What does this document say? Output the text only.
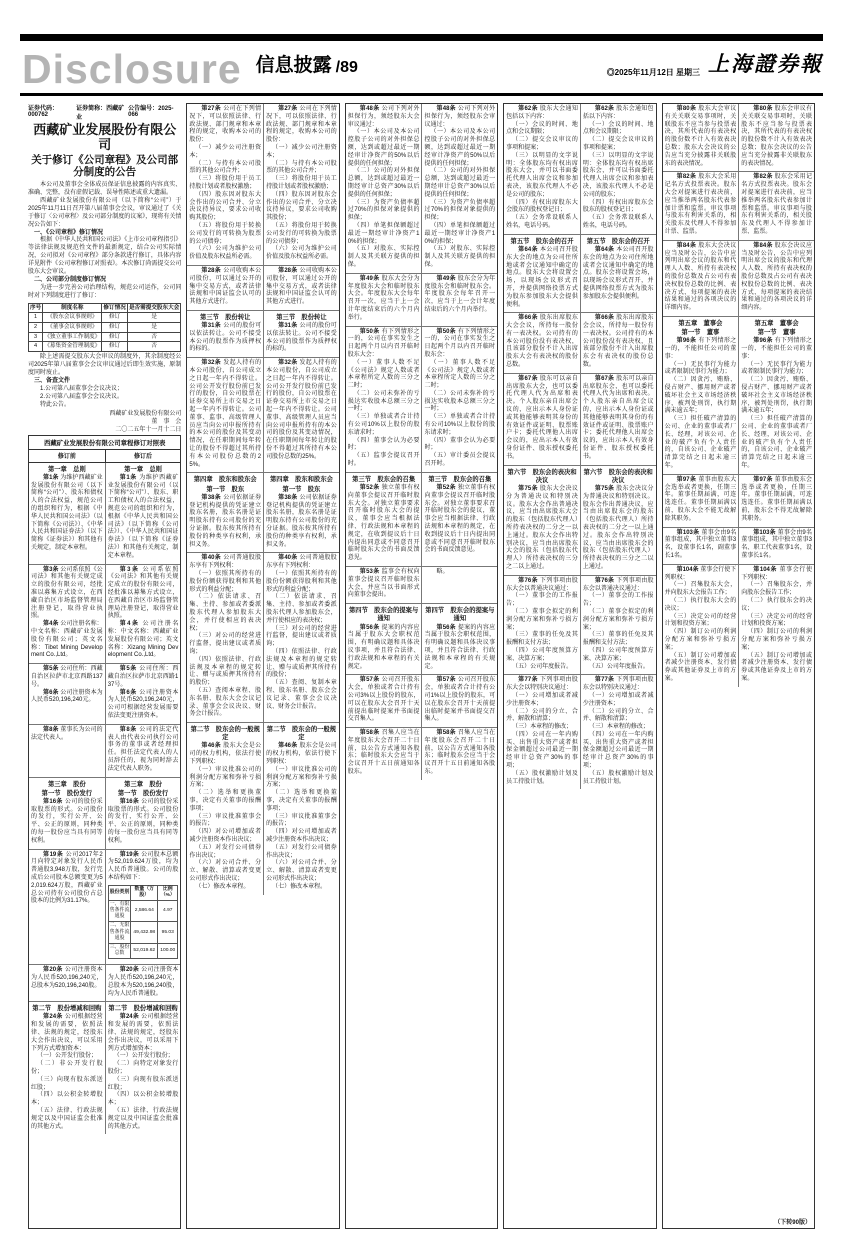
Disclosure 信息披露 /89	◎2025年11月12日 星期三 上海證券報
证券代码：000762
证券简称：西藏矿业
公告编号：2025-066
西藏矿业发展股份有限公司
关于修订《公司章程》及公司部分制度的公告

本公司及董事会全体成员保证信息披露的内容真实、准确、完整，没有虚假记载、误导性陈述或重大遗漏。

西藏矿业发展股份有限公司（以下简称“公司”）于2025年11月11日召开第八届董事会会议，审议通过了《关于修订〈公司章程〉及公司部分制度的议案》，现将有关情况公告如下：

一、《公司章程》修订情况

根据《中华人民共和国公司法》《上市公司章程指引》等法律法规及规范性文件的最新规定，结合公司实际情况，公司拟对《公司章程》部分条款进行修订，具体内容详见附件《公司章程修订对照表》。本次修订尚需提交公司股东大会审议。

二、公司部分制度修订情况

为进一步完善公司治理结构，规范公司运作，公司同时对下列制度进行了修订：

序号	制度名称	修订情况	是否需提交股东大会
1	《股东会议事规则》	修订	是
2	《董事会议事规则》	修订	是
3	《独立董事工作制度》	修订	否
4	《募集资金管理制度》	修订	否

除上述需提交股东大会审议的制度外，其余制度经公司2025年第八届董事会会议审议通过后即生效实施，原制度同时废止。

三、备查文件

1.公司第八届董事会会议决议；

2.公司第八届监事会会议决议。

特此公告。

西藏矿业发展股份有限公司
董　事　会
二〇二五年十一月十二日
西藏矿业发展股份有限公司章程修订对照表
修订前	修订后
第一章　总则

第1条 为维护西藏矿业发展股份有限公司（以下简称“公司”）、股东和债权人的合法权益，规范公司的组织和行为，根据《中华人民共和国公司法》（以下简称《公司法》）、《中华人民共和国证券法》（以下简称《证券法》）和其他有关规定，制定本章程。

第一章　总则

第1条 为维护西藏矿业发展股份有限公司（以下简称“公司”）、股东、职工和债权人的合法权益，规范公司的组织和行为，根据《中华人民共和国公司法》（以下简称《公司法》）、《中华人民共和国证券法》（以下简称《证券法》）和其他有关规定，制定本章程。

第3条 公司系依照《公司法》和其他有关规定成立的股份有限公司，经批准以募集方式设立，在西藏自治区市场监督管理局注册登记，取得营业执照。

第4条 公司注册名称：中文名称：西藏矿业发展股份有限公司；英文名称：Tibet Mining Development Co.,Ltd。

第3条 公司系依照《公司法》和其他有关规定成立的股份有限公司，经批准以募集方式设立，在西藏自治区市场监督管理局注册登记，取得营业执照。

第4条 公司注册名称：中文名称：西藏矿业发展股份有限公司；英文名称：Xizang Mining Development Co.,Ltd。

第5条 公司住所：西藏自治区拉萨市北京西路137号。

第6条 公司注册资本为人民币520,196,240元。

第5条 公司住所：西藏自治区拉萨市北京西路137号。

第6条 公司注册资本为人民币520,196,240元，公司可根据经营发展需要依法变更注册资本。

第8条 董事长为公司的法定代表人。

第8条 公司的法定代表人由代表公司执行公司事务的董事或者经理担任。担任法定代表人的人员辞任的，视为同时辞去法定代表人职务。

第三章　股份
第一节　股份发行

第16条 公司的股份采取股票的形式。公司股份的发行，实行公开、公平、公正的原则，同种类的每一股份应当具有同等权利。

第三章　股份
第一节　股份发行

第16条 公司的股份采取股票的形式。公司股份的发行，实行公开、公平、公正的原则，同种类的每一股份应当具有同等权利。

第19条 公司2017年2月向特定对象发行人民币普通股3,948万股，发行完成后公司股本总额变更为52,019.624万股，西藏矿业总公司持有公司股份占总股本的比例为31.17%。

第19条 公司股本总额为52,019.624万股，均为人民币普通股。公司的股本结构如下：

股份类别	数量（万股）	比例（%）
一、有限售条件流通股	2,586.64	4.97
二、无限售条件流通股	49,432.98	95.03
三、股份总数	52,019.62	100.00

第20条 公司注册资本为人民币520,196,240元，总股本为520,196,240股。

第20条 公司注册资本为人民币520,196,240元，总股本为520,196,240股，均为人民币普通股。

第二节　股份增减和回购

第24条 公司根据经营和发展的需要，依照法律、法规的规定，经股东大会作出决议，可以采用下列方式增加资本：

（一）公开发行股份；

（二）非公开发行股份；

（三）向现有股东派送红股；

（四）以公积金转增股本；

（五）法律、行政法规规定以及中国证监会批准的其他方式。

第二节　股份增减和回购

第24条 公司根据经营和发展的需要，依照法律、法规的规定，经股东会作出决议，可以采用下列方式增加资本：

（一）公开发行股份；

（二）向特定对象发行股份；

（三）向现有股东派送红股；

（四）以公积金转增股本；

（五）法律、行政法规规定以及中国证监会批准的其他方式。

第27条 公司在下列情况下，可以依照法律、行政法规、部门规章和本章程的规定，收购本公司的股份：

（一）减少公司注册资本；

（二）与持有本公司股票的其他公司合并；

（三）将股份用于员工持股计划或者股权激励；

（四）股东因对股东大会作出的公司合并、分立决议持异议，要求公司收购其股份；

（五）将股份用于转换公司发行的可转换为股票的公司债券；

（六）公司为维护公司价值及股东权益所必需。

第27条 公司在下列情况下，可以依照法律、行政法规、部门规章和本章程的规定，收购本公司的股份：

（一）减少公司注册资本；

（二）与持有本公司股票的其他公司合并；

（三）将股份用于员工持股计划或者股权激励；

（四）股东因对股东会作出的公司合并、分立决议持异议，要求公司收购其股份；

（五）将股份用于转换公司发行的可转换为股票的公司债券；

（六）公司为维护公司价值及股东权益所必需。

第28条 公司收购本公司股份，可以通过公开的集中交易方式，或者法律法规和中国证监会认可的其他方式进行。

第28条 公司收购本公司股份，可以通过公开的集中交易方式，或者法律法规和中国证监会认可的其他方式进行。

第三节　股份转让

第31条 公司的股份可以依法转让。公司不接受本公司的股票作为质押权的标的。

第三节　股份转让

第31条 公司的股份可以依法转让。公司不接受本公司的股票作为质押权的标的。

第32条 发起人持有的本公司股份，自公司成立之日起一年内不得转让。公司公开发行股份前已发行的股份，自公司股票在证券交易所上市交易之日起一年内不得转让。公司董事、监事、高级管理人员应当向公司申报所持有的本公司的股份及其变动情况，在任职期间每年转让的股份不得超过其所持有本公司股份总数的25%。

第32条 发起人持有的本公司股份，自公司成立之日起一年内不得转让。公司公开发行股份前已发行的股份，自公司股票在证券交易所上市交易之日起一年内不得转让。公司董事、高级管理人员应当向公司申报所持有的本公司的股份及其变动情况，在任职期间每年转让的股份不得超过其所持有本公司股份总数的25%。

第四章　股东和股东会
第一节　股东

第38条 公司依据证券登记机构提供的凭证建立股东名册，股东名册是证明股东持有公司股份的充分证据。股东按其所持有股份的种类享有权利，承担义务。

第四章　股东和股东会
第一节　股东

第38条 公司依据证券登记机构提供的凭证建立股东名册，股东名册是证明股东持有公司股份的充分证据。股东按其所持有股份的种类享有权利，承担义务。

第40条 公司普通股股东享有下列权利：

（一）依照其所持有的股份份额获得股利和其他形式的利益分配；

（二）依法请求、召集、主持、参加或者委派股东代理人参加股东大会，并行使相应的表决权；

（三）对公司的经营进行监督，提出建议或者质询；

（四）依照法律、行政法规及本章程的规定转让、赠与或质押其所持有的股份；

（五）查阅本章程、股东名册、股东大会会议记录、董事会会议决议、财务会计报告。

第40条 公司普通股股东享有下列权利：

（一）依照其所持有的股份份额获得股利和其他形式的利益分配；

（二）依法请求、召集、主持、参加或者委派股东代理人参加股东会，并行使相应的表决权；

（三）对公司的经营进行监督，提出建议或者质询；

（四）依照法律、行政法规及本章程的规定转让、赠与或质押其所持有的股份；

（五）查阅、复制本章程、股东名册、股东会会议记录、董事会会议决议、财务会计报告。

第二节　股东会的一般规定

第46条 股东大会是公司的权力机构，依法行使下列职权：

（一）审议批准公司的利润分配方案和弥补亏损方案；

（二）选举和更换董事，决定有关董事的报酬事项；

（三）审议批准董事会的报告；

（四）对公司增加或者减少注册资本作出决议；

（五）对发行公司债券作出决议；

（六）对公司合并、分立、解散、清算或者变更公司形式作出决议；

（七）修改本章程。

第二节　股东会的一般规定

第46条 股东会是公司的权力机构，依法行使下列职权：

（一）审议批准公司的利润分配方案和弥补亏损方案；

（二）选举和更换董事，决定有关董事的报酬事项；

（三）审议批准董事会的报告；

（四）对公司增加或者减少注册资本作出决议；

（五）对发行公司债券作出决议；

（六）对公司合并、分立、解散、清算或者变更公司形式作出决议；

（七）修改本章程。

第48条 公司下列对外担保行为，须经股东大会审议通过：

（一）本公司及本公司控股子公司的对外担保总额，达到或超过最近一期经审计净资产的50%以后提供的任何担保；

（二）公司的对外担保总额，达到或超过最近一期经审计总资产30%以后提供的任何担保；

（三）为资产负债率超过70%的担保对象提供的担保；

（四）单笔担保额超过最近一期经审计净资产10%的担保；

（五）对股东、实际控制人及其关联方提供的担保。

第48条 公司下列对外担保行为，须经股东会审议通过：

（一）本公司及本公司控股子公司的对外担保总额，达到或超过最近一期经审计净资产的50%以后提供的任何担保；

（二）公司的对外担保总额，达到或超过最近一期经审计总资产30%以后提供的任何担保；

（三）为资产负债率超过70%的担保对象提供的担保；

（四）单笔担保额超过最近一期经审计净资产10%的担保；

（五）对股东、实际控制人及其关联方提供的担保。

第49条 股东大会分为年度股东大会和临时股东大会。年度股东大会每年召开一次，应当于上一会计年度结束后的六个月内举行。

第49条 股东会分为年度股东会和临时股东会。年度股东会每年召开一次，应当于上一会计年度结束后的六个月内举行。

第50条 有下列情形之一的，公司在事实发生之日起两个月以内召开临时股东大会：

（一）董事人数不足《公司法》规定人数或者本章程所定人数的三分之二时；

（二）公司未弥补的亏损达实收股本总额三分之一时；

（三）单独或者合计持有公司10%以上股份的股东请求时；

（四）董事会认为必要时；

（五）监事会提议召开时。

第50条 有下列情形之一的，公司在事实发生之日起两个月以内召开临时股东会：

（一）董事人数不足《公司法》规定人数或者本章程所定人数的三分之二时；

（二）公司未弥补的亏损达实收股本总额三分之一时；

（三）单独或者合计持有公司10%以上股份的股东请求时；

（四）董事会认为必要时；

（五）审计委员会提议召开时。

第三节　股东会的召集

第52条 独立董事有权向董事会提议召开临时股东大会。对独立董事要求召开临时股东大会的提议，董事会应当根据法律、行政法规和本章程的规定，在收到提议后十日内提出同意或不同意召开临时股东大会的书面反馈意见。

第三节　股东会的召集

第52条 独立董事有权向董事会提议召开临时股东会。对独立董事要求召开临时股东会的提议，董事会应当根据法律、行政法规和本章程的规定，在收到提议后十日内提出同意或不同意召开临时股东会的书面反馈意见。

第53条 监事会有权向董事会提议召开临时股东大会，并应当以书面形式向董事会提出。

略。

第四节　股东会的提案与通知

第56条 提案的内容应当属于股东大会职权范围，有明确议题和具体决议事项，并且符合法律、行政法规和本章程的有关规定。

第四节　股东会的提案与通知

第56条 提案的内容应当属于股东会职权范围，有明确议题和具体决议事项，并且符合法律、行政法规和本章程的有关规定。

第57条 公司召开股东大会，单独或者合计持有公司3%以上股份的股东，可以在股东大会召开十天前提出临时提案并书面提交召集人。

第57条 公司召开股东会，单独或者合计持有公司1%以上股份的股东，可以在股东会召开十天前提出临时提案并书面提交召集人。

第58条 召集人应当在年度股东大会召开二十日前，以公告方式通知各股东；临时股东大会应当于会议召开十五日前通知各股东。

第58条 召集人应当在年度股东会召开二十日前，以公告方式通知各股东；临时股东会应当于会议召开十五日前通知各股东。

第62条 股东大会通知包括以下内容：

（一）会议的时间、地点和会议期限；

（二）提交会议审议的事项和提案；

（三）以明显的文字说明：全体股东均有权出席股东大会，并可以书面委托代理人出席会议和参加表决，该股东代理人不必是公司的股东；

（四）有权出席股东大会股东的股权登记日；

（五）会务常设联系人姓名，电话号码。

第62条 股东会通知包括以下内容：

（一）会议的时间、地点和会议期限；

（二）提交会议审议的事项和提案；

（三）以明显的文字说明：全体股东均有权出席股东会，并可以书面委托代理人出席会议和参加表决，该股东代理人不必是公司的股东；

（四）有权出席股东会股东的股权登记日；

（五）会务常设联系人姓名，电话号码。

第五节　股东会的召开

第64条 本公司召开股东大会的地点为公司住所地或者会议通知中确定的地点。股东大会将设置会场，以现场会议形式召开，并提供网络投票方式为股东参加股东大会提供便利。

第五节　股东会的召开

第64条 本公司召开股东会的地点为公司住所地或者会议通知中确定的地点。股东会将设置会场，以现场会议形式召开，并提供网络投票方式为股东参加股东会提供便利。

第66条 股东出席股东大会会议，所持每一股份有一表决权。公司持有的本公司股份没有表决权，且该部分股份不计入出席股东大会有表决权的股份总数。

第66条 股东出席股东会会议，所持每一股份有一表决权。公司持有的本公司股份没有表决权，且该部分股份不计入出席股东会有表决权的股份总数。

第67条 股东可以亲自出席股东大会，也可以委托代理人代为出席和表决。个人股东亲自出席会议的，应出示本人身份证或其他能够表明其身份的有效证件或证明、股票账户卡；委托代理他人出席会议的，应出示本人有效身份证件、股东授权委托书。

第67条 股东可以亲自出席股东会，也可以委托代理人代为出席和表决。个人股东亲自出席会议的，应出示本人身份证或其他能够表明其身份的有效证件或证明、股票账户卡；委托代理他人出席会议的，应出示本人有效身份证件、股东授权委托书。

第六节　股东会的表决和决议

第75条 股东大会决议分为普通决议和特别决议。股东大会作出普通决议，应当由出席股东大会的股东（包括股东代理人）所持表决权的二分之一以上通过。股东大会作出特别决议，应当由出席股东大会的股东（包括股东代理人）所持表决权的三分之二以上通过。

第六节　股东会的表决和决议

第75条 股东会决议分为普通决议和特别决议。股东会作出普通决议，应当由出席股东会的股东（包括股东代理人）所持表决权的二分之一以上通过。股东会作出特别决议，应当由出席股东会的股东（包括股东代理人）所持表决权的三分之二以上通过。

第76条 下列事项由股东大会以普通决议通过：

（一）董事会的工作报告；

（二）董事会拟定的利润分配方案和弥补亏损方案；

（三）董事的任免及其报酬和支付方法；

（四）公司年度预算方案、决算方案；

（五）公司年度报告。

第76条 下列事项由股东会以普通决议通过：

（一）董事会的工作报告；

（二）董事会拟定的利润分配方案和弥补亏损方案；

（三）董事的任免及其报酬和支付方法；

（四）公司年度预算方案、决算方案；

（五）公司年度报告。

第77条 下列事项由股东大会以特别决议通过：

（一）公司增加或者减少注册资本；

（二）公司的分立、合并、解散和清算；

（三）本章程的修改；

（四）公司在一年内购买、出售重大资产或者担保金额超过公司最近一期经审计总资产30%的事项；

（五）股权激励计划及员工持股计划。

第77条 下列事项由股东会以特别决议通过：

（一）公司增加或者减少注册资本；

（二）公司的分立、合并、解散和清算；

（三）本章程的修改；

（四）公司在一年内购买、出售重大资产或者担保金额超过公司最近一期经审计总资产30%的事项；

（五）股权激励计划及员工持股计划。

第80条 股东大会审议有关关联交易事项时，关联股东不应当参与投票表决，其所代表的有表决权的股份数不计入有效表决总数；股东大会决议的公告应当充分披露非关联股东的表决情况。

第80条 股东会审议有关关联交易事项时，关联股东不应当参与投票表决，其所代表的有表决权的股份数不计入有效表决总数；股东会决议的公告应当充分披露非关联股东的表决情况。

第82条 股东大会采用记名方式投票表决。股东大会对提案进行表决前，应当推举两名股东代表参加计票和监票。审议事项与股东有利害关系的，相关股东及代理人不得参加计票、监票。

第82条 股东会采用记名方式投票表决。股东会对提案进行表决前，应当推举两名股东代表参加计票和监票。审议事项与股东有利害关系的，相关股东及代理人不得参加计票、监票。

第84条 股东大会决议应当及时公告，公告中应列明出席会议的股东和代理人人数、所持有表决权的股份总数及占公司有表决权股份总数的比例、表决方式、每项提案的表决结果和通过的各项决议的详细内容。

第84条 股东会决议应当及时公告，公告中应列明出席会议的股东和代理人人数、所持有表决权的股份总数及占公司有表决权股份总数的比例、表决方式、每项提案的表决结果和通过的各项决议的详细内容。

第五章　董事会
第一节　董事

第96条 有下列情形之一的，不能担任公司的董事：

（一）无民事行为能力或者限制民事行为能力；

（二）因贪污、贿赂、侵占财产、挪用财产或者破坏社会主义市场经济秩序，被判处刑罚，执行期满未逾五年；

（三）担任破产清算的公司、企业的董事或者厂长、经理，对该公司、企业的破产负有个人责任的，自该公司、企业破产清算完结之日起未逾三年。

第五章　董事会
第一节　董事

第96条 有下列情形之一的，不能担任公司的董事：

（一）无民事行为能力或者限制民事行为能力；

（二）因贪污、贿赂、侵占财产、挪用财产或者破坏社会主义市场经济秩序，被判处刑罚，执行期满未逾五年；

（三）担任破产清算的公司、企业的董事或者厂长、经理，对该公司、企业的破产负有个人责任的，自该公司、企业破产清算完结之日起未逾三年。

第97条 董事由股东大会选举或者更换，任期三年。董事任期届满，可连选连任。董事任期届满以前，股东大会不能无故解除其职务。

第97条 董事由股东会选举或者更换，任期三年。董事任期届满，可连选连任。董事任期届满以前，股东会不得无故解除其职务。

第103条 董事会由9名董事组成，其中独立董事3名，设董事长1名，副董事长1名。

第103条 董事会由9名董事组成，其中独立董事3名、职工代表董事1名，设董事长1名。

第104条 董事会行使下列职权：

（一）召集股东大会，并向股东大会报告工作；

（二）执行股东大会的决议；

（三）决定公司的经营计划和投资方案；

（四）制订公司的利润分配方案和弥补亏损方案；

（五）制订公司增加或者减少注册资本、发行债券或其他证券及上市的方案。

第104条 董事会行使下列职权：

（一）召集股东会，并向股东会报告工作；

（二）执行股东会的决议；

（三）决定公司的经营计划和投资方案；

（四）制订公司的利润分配方案和弥补亏损方案；

（五）制订公司增加或者减少注册资本、发行债券或其他证券及上市的方案。

（下转90版）
